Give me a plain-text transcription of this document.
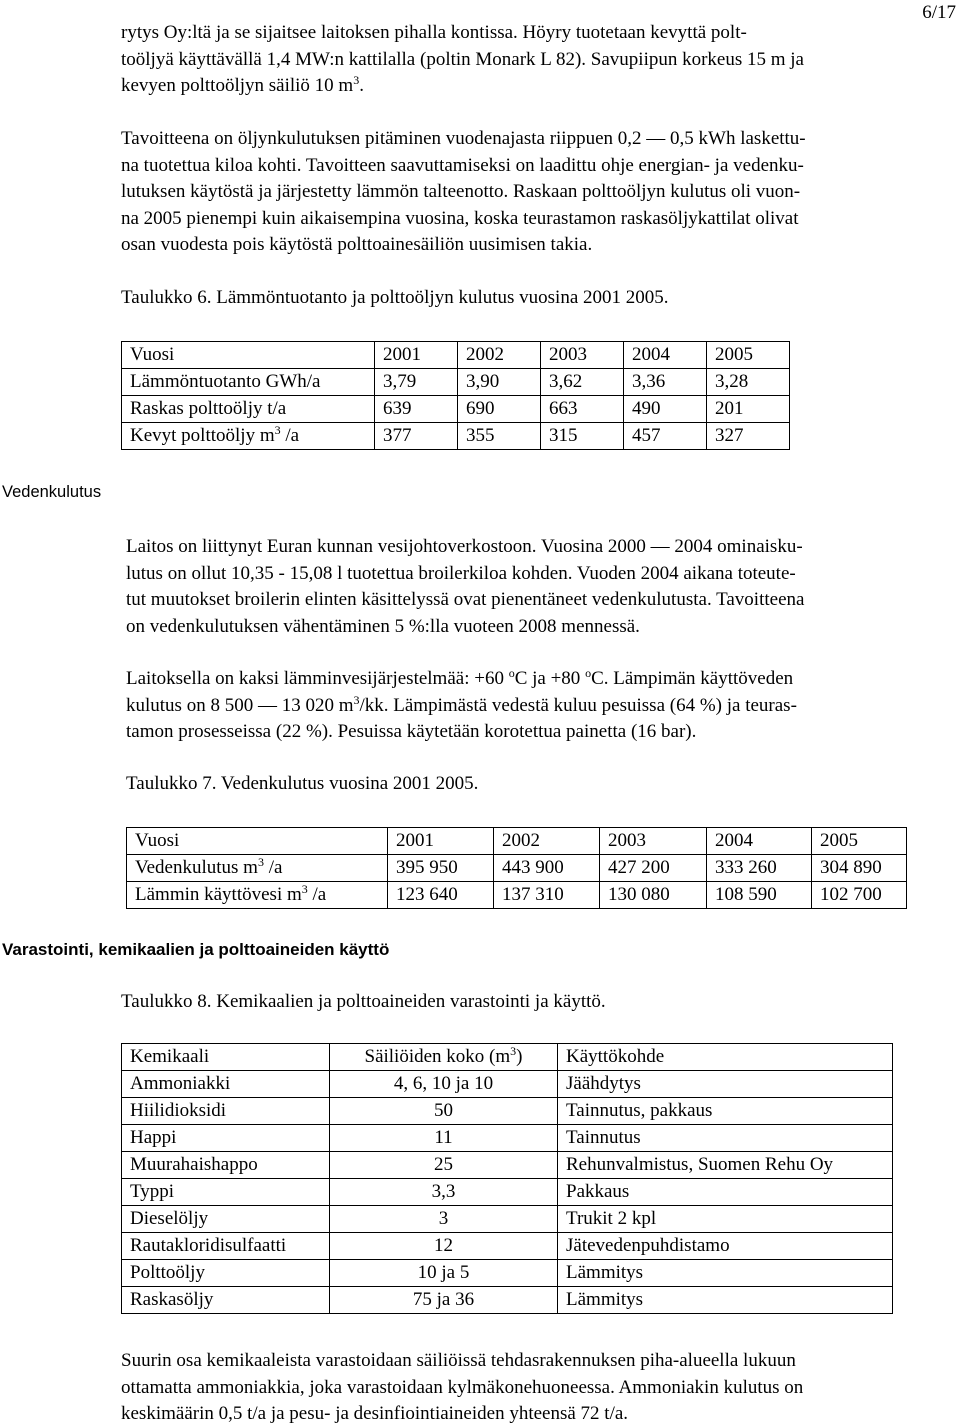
6/17
rytys Oy:ltä ja se sijaitsee laitoksen pihalla kontissa. Höyry tuotetaan kevyttä polt-
toöljyä käyttävällä 1,4 MW:n kattilalla (poltin Monark L 82). Savupiipun korkeus 15 m ja
kevyen polttoöljyn säiliö 10 $m^3$.
Tavoitteena on öljynkulutuksen pitäminen vuodenajasta riippuen 0,2 — 0,5 kWh laskettu-
na tuotettua kiloa kohti. Tavoitteen saavuttamiseksi on laadittu ohje energian- ja vedenku-
lutuksen käytöstä ja järjestetty lämmön talteenotto. Raskaan polttoöljyn kulutus oli vuon-
na 2005 pienempi kuin aikaisempina vuosina, koska teurastamon raskasöljykattilat olivat
osan vuodesta pois käytöstä polttoainesäiliön uusimisen takia.
Taulukko 6. Lämmöntuotanto ja polttoöljyn kulutus vuosina 2001 2005.
Vuosi	2001	2002	2003	2004	2005
Lämmöntuotanto GWh/a	3,79	3,90	3,62	3,36	3,28
Raskas polttoöljy t/a	639	690	663	490	201
Kevyt polttoöljy $m^3$ /a	377	355	315	457	327
Vedenkulutus
Laitos on liittynyt Euran kunnan vesijohtoverkostoon. Vuosina 2000 — 2004 ominaisku-
lutus on ollut 10,35 - 15,08 l tuotettua broilerkiloa kohden. Vuoden 2004 aikana toteute-
tut muutokset broilerin elinten käsittelyssä ovat pienentäneet vedenkulutusta. Tavoitteena
on vedenkulutuksen vähentäminen 5 %:lla vuoteen 2008 mennessä.
Laitoksella on kaksi lämminvesijärjestelmää: +60 $^o$C ja +80 $^o$C. Lämpimän käyttöveden
kulutus on 8 500 — 13 020 $m^3/kk$. Lämpimästä vedestä kuluu pesuissa (64 %) ja teuras-
tamon prosesseissa (22 %). Pesuissa käytetään korotettua painetta (16 bar).
Taulukko 7. Vedenkulutus vuosina 2001 2005.
Vuosi	2001	2002	2003	2004	2005
Vedenkulutus $m^3$ /a	395 950	443 900	427 200	333 260	304 890
Lämmin käyttövesi $m^3$ /a	123 640	137 310	130 080	108 590	102 700
Varastointi, kemikaalien ja polttoaineiden käyttö
Taulukko 8. Kemikaalien ja polttoaineiden varastointi ja käyttö.
Kemikaali	Säiliöiden koko $(m^3)$	Käyttökohde
Ammoniakki	4, 6, 10 ja 10	Jäähdytys
Hiilidioksidi	50	Tainnutus, pakkaus
Happi	11	Tainnutus
Muurahaishappo	25	Rehunvalmistus, Suomen Rehu Oy
Typpi	3,3	Pakkaus
Dieselöljy	3	Trukit 2 kpl
Rautakloridisulfaatti	12	Jätevedenpuhdistamo
Polttoöljy	10 ja 5	Lämmitys
Raskasöljy	75 ja 36	Lämmitys
Suurin osa kemikaaleista varastoidaan säiliöissä tehdasrakennuksen piha-alueella lukuun
ottamatta ammoniakkia, joka varastoidaan kylmäkonehuoneessa. Ammoniakin kulutus on
keskimäärin 0,5 t/a ja pesu- ja desinfiointiaineiden yhteensä 72 t/a.
